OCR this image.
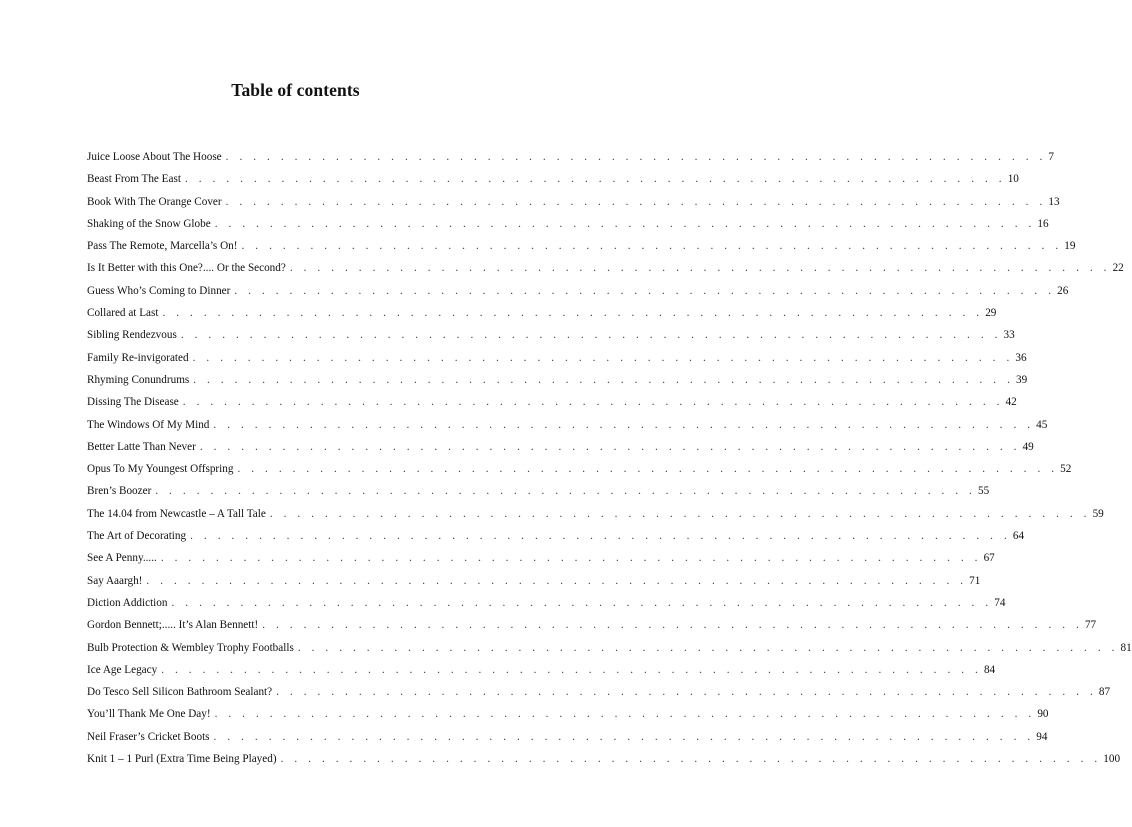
Table of contents
Juice Loose About The Hoose . . . . . . . . . . . . . . . . . . . . . . . . . . . . . . . . . . . . . . . . . . . . . . . . . . . . . . . . . . . . 7
Beast From The East . . . . . . . . . . . . . . . . . . . . . . . . . . . . . . . . . . . . . . . . . . . . . . . . . . . . . . . . . . . . 10
Book With The Orange Cover . . . . . . . . . . . . . . . . . . . . . . . . . . . . . . . . . . . . . . . . . . . . . . . . . . . . . . . . . . . . 13
Shaking of the Snow Globe . . . . . . . . . . . . . . . . . . . . . . . . . . . . . . . . . . . . . . . . . . . . . . . . . . . . . . . . . . . . 16
Pass The Remote, Marcella’s On! . . . . . . . . . . . . . . . . . . . . . . . . . . . . . . . . . . . . . . . . . . . . . . . . . . . . . . . . . . . . 19
Is It Better with this One?.... Or the Second? . . . . . . . . . . . . . . . . . . . . . . . . . . . . . . . . . . . . . . . . . . . . . . . . . . . . . . . . . . . . 22
Guess Who’s Coming to Dinner . . . . . . . . . . . . . . . . . . . . . . . . . . . . . . . . . . . . . . . . . . . . . . . . . . . . . . . . . . . . 26
Collared at Last . . . . . . . . . . . . . . . . . . . . . . . . . . . . . . . . . . . . . . . . . . . . . . . . . . . . . . . . . . . . 29
Sibling Rendezvous . . . . . . . . . . . . . . . . . . . . . . . . . . . . . . . . . . . . . . . . . . . . . . . . . . . . . . . . . . . . 33
Family Re-invigorated . . . . . . . . . . . . . . . . . . . . . . . . . . . . . . . . . . . . . . . . . . . . . . . . . . . . . . . . . . . . 36
Rhyming Conundrums . . . . . . . . . . . . . . . . . . . . . . . . . . . . . . . . . . . . . . . . . . . . . . . . . . . . . . . . . . . . 39
Dissing The Disease . . . . . . . . . . . . . . . . . . . . . . . . . . . . . . . . . . . . . . . . . . . . . . . . . . . . . . . . . . . . 42
The Windows Of My Mind . . . . . . . . . . . . . . . . . . . . . . . . . . . . . . . . . . . . . . . . . . . . . . . . . . . . . . . . . . . . 45
Better Latte Than Never . . . . . . . . . . . . . . . . . . . . . . . . . . . . . . . . . . . . . . . . . . . . . . . . . . . . . . . . . . . . 49
Opus To My Youngest Offspring . . . . . . . . . . . . . . . . . . . . . . . . . . . . . . . . . . . . . . . . . . . . . . . . . . . . . . . . . . . . 52
Bren’s Boozer . . . . . . . . . . . . . . . . . . . . . . . . . . . . . . . . . . . . . . . . . . . . . . . . . . . . . . . . . . . . 55
The 14.04 from Newcastle – A Tall Tale . . . . . . . . . . . . . . . . . . . . . . . . . . . . . . . . . . . . . . . . . . . . . . . . . . . . . . . . . . . . 59
The Art of Decorating . . . . . . . . . . . . . . . . . . . . . . . . . . . . . . . . . . . . . . . . . . . . . . . . . . . . . . . . . . . . 64
See A Penny..... . . . . . . . . . . . . . . . . . . . . . . . . . . . . . . . . . . . . . . . . . . . . . . . . . . . . . . . . . . . . 67
Say Aaargh! . . . . . . . . . . . . . . . . . . . . . . . . . . . . . . . . . . . . . . . . . . . . . . . . . . . . . . . . . . . . 71
Diction Addiction . . . . . . . . . . . . . . . . . . . . . . . . . . . . . . . . . . . . . . . . . . . . . . . . . . . . . . . . . . . . 74
Gordon Bennett;..... It’s Alan Bennett! . . . . . . . . . . . . . . . . . . . . . . . . . . . . . . . . . . . . . . . . . . . . . . . . . . . . . . . . . . . . 77
Bulb Protection & Wembley Trophy Footballs . . . . . . . . . . . . . . . . . . . . . . . . . . . . . . . . . . . . . . . . . . . . . . . . . . . . . . . . . . . . 81
Ice Age Legacy . . . . . . . . . . . . . . . . . . . . . . . . . . . . . . . . . . . . . . . . . . . . . . . . . . . . . . . . . . . . 84
Do Tesco Sell Silicon Bathroom Sealant? . . . . . . . . . . . . . . . . . . . . . . . . . . . . . . . . . . . . . . . . . . . . . . . . . . . . . . . . . . . . 87
You’ll Thank Me One Day! . . . . . . . . . . . . . . . . . . . . . . . . . . . . . . . . . . . . . . . . . . . . . . . . . . . . . . . . . . . . 90
Neil Fraser’s Cricket Boots . . . . . . . . . . . . . . . . . . . . . . . . . . . . . . . . . . . . . . . . . . . . . . . . . . . . . . . . . . . . 94
Knit 1 – 1 Purl (Extra Time Being Played) . . . . . . . . . . . . . . . . . . . . . . . . . . . . . . . . . . . . . . . . . . . . . . . . . . . . . . . . . . . . 100
